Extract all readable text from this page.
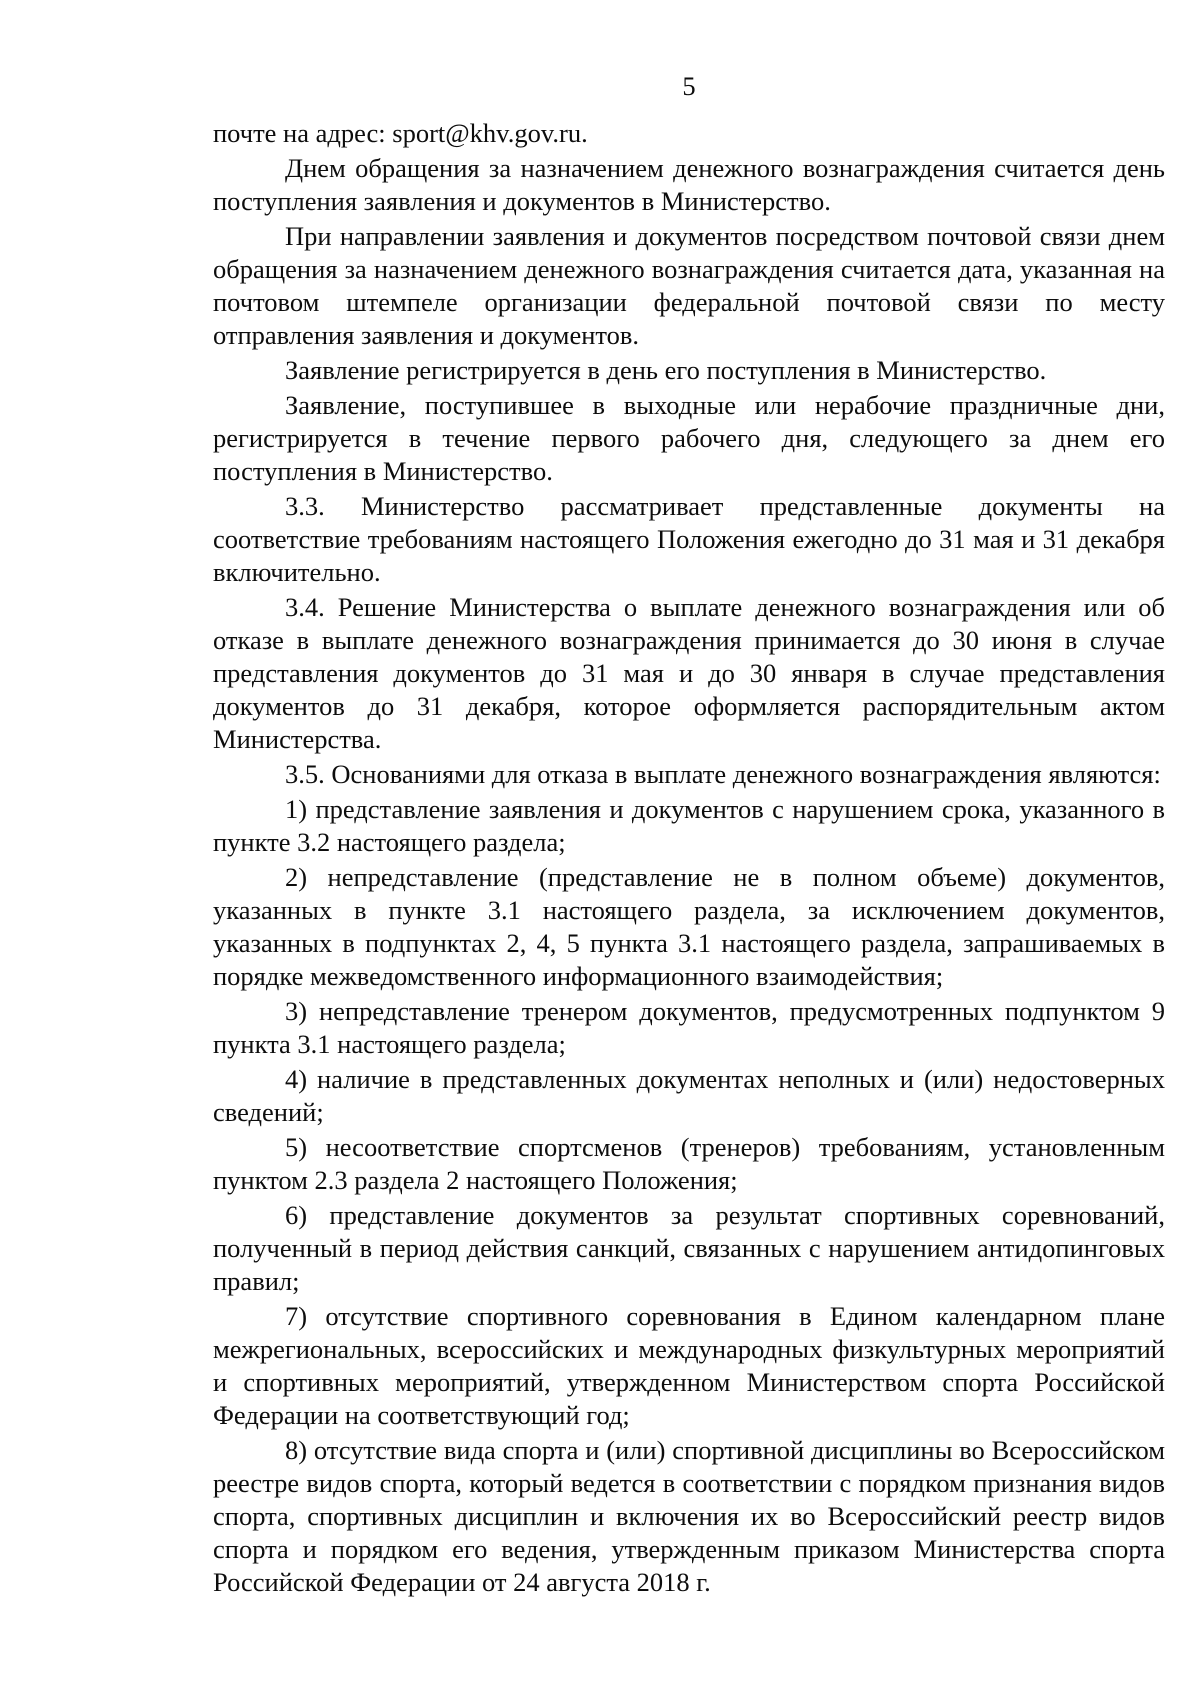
5

почте на адрес: sport@khv.gov.ru.

Днем обращения за назначением денежного вознаграждения считается день поступления заявления и документов в Министерство.

При направлении заявления и документов посредством почтовой связи днем обращения за назначением денежного вознаграждения считается дата, указанная на почтовом штемпеле организации федеральной почтовой связи по месту отправления заявления и документов.

Заявление регистрируется в день его поступления в Министерство.

Заявление, поступившее в выходные или нерабочие праздничные дни, регистрируется в течение первого рабочего дня, следующего за днем его поступления в Министерство.

3.3. Министерство рассматривает представленные документы на соответствие требованиям настоящего Положения ежегодно до 31 мая и 31 декабря включительно.

3.4. Решение Министерства о выплате денежного вознаграждения или об отказе в выплате денежного вознаграждения принимается до 30 июня в случае представления документов до 31 мая и до 30 января в случае представления документов до 31 декабря, которое оформляется распорядительным актом Министерства.

3.5. Основаниями для отказа в выплате денежного вознаграждения являются:

1) представление заявления и документов с нарушением срока, указанного в пункте 3.2 настоящего раздела;

2) непредставление (представление не в полном объеме) документов, указанных в пункте 3.1 настоящего раздела, за исключением документов, указанных в подпунктах 2, 4, 5 пункта 3.1 настоящего раздела, запрашиваемых в порядке межведомственного информационного взаимодействия;

3) непредставление тренером документов, предусмотренных подпунктом 9 пункта 3.1 настоящего раздела;

4) наличие в представленных документах неполных и (или) недостоверных сведений;

5) несоответствие спортсменов (тренеров) требованиям, установленным пунктом 2.3 раздела 2 настоящего Положения;

6) представление документов за результат спортивных соревнований, полученный в период действия санкций, связанных с нарушением антидопинговых правил;

7) отсутствие спортивного соревнования в Едином календарном плане межрегиональных, всероссийских и международных физкультурных мероприятий и спортивных мероприятий, утвержденном Министерством спорта Российской Федерации на соответствующий год;

8) отсутствие вида спорта и (или) спортивной дисциплины во Всероссийском реестре видов спорта, который ведется в соответствии с порядком признания видов спорта, спортивных дисциплин и включения их во Всероссийский реестр видов спорта и порядком его ведения, утвержденным приказом Министерства спорта Российской Федерации от 24 августа 2018 г.
